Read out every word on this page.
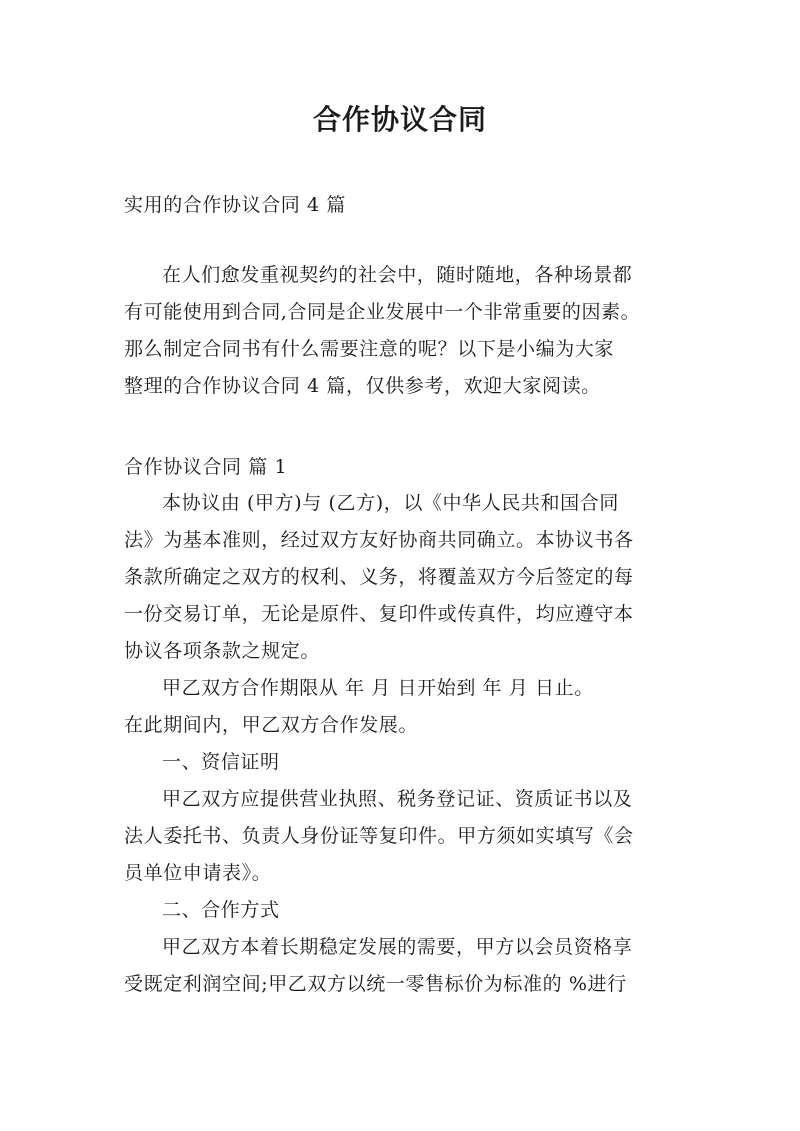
合作协议合同

实用的合作协议合同 4 篇

在人们愈发重视契约的社会中，随时随地，各种场景都

有可能使用到合同,合同是企业发展中一个非常重要的因素。

那么制定合同书有什么需要注意的呢？以下是小编为大家

整理的合作协议合同 4 篇，仅供参考，欢迎大家阅读。

合作协议合同 篇 1

本协议由 (甲方)与 (乙方)，以《中华人民共和国合同

法》为基本准则，经过双方友好协商共同确立。本协议书各

条款所确定之双方的权利、义务，将覆盖双方今后签定的每

一份交易订单，无论是原件、复印件或传真件，均应遵守本

协议各项条款之规定。

甲乙双方合作期限从 年 月 日开始到 年 月 日止。

在此期间内，甲乙双方合作发展。

一、资信证明

甲乙双方应提供营业执照、税务登记证、资质证书以及

法人委托书、负责人身份证等复印件。甲方须如实填写《会

员单位申请表》。

二、合作方式

甲乙双方本着长期稳定发展的需要，甲方以会员资格享

受既定利润空间;甲乙双方以统一零售标价为标准的 %进行
